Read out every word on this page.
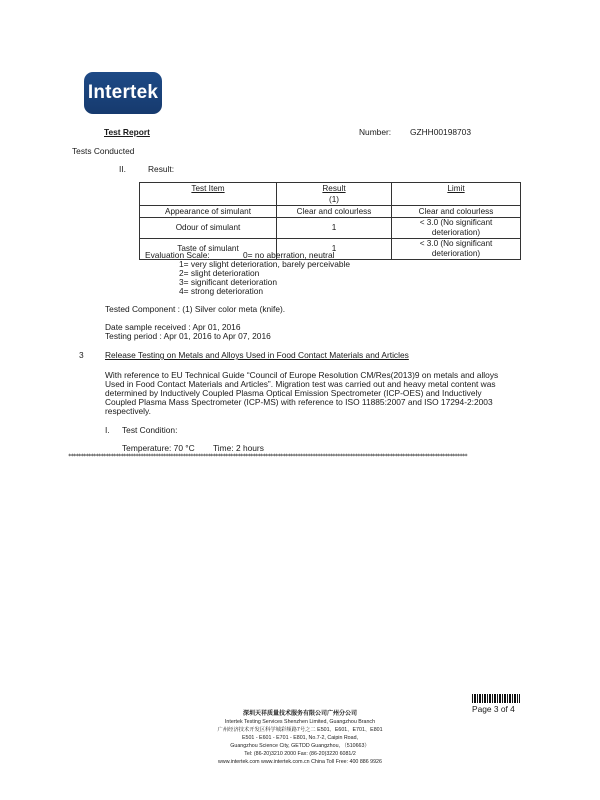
Intertek
Test Report	Number: GZHH00198703
Tests Conducted
II.	Result:
Test Item	Result	Limit
	(1)	
Appearance of simulant	Clear and colourless	Clear and colourless
Odour of simulant	1	< 3.0 (No significant deterioration)
Taste of simulant	1	< 3.0 (No significant deterioration)
Evaluation Scale:	0= no aberration, neutral
1= very slight deterioration, barely perceivable
2= slight deterioration
3= significant deterioration
4= strong deterioration
Tested Component : (1) Silver color meta (knife).
Date sample received : Apr 01, 2016
Testing period : Apr 01, 2016 to Apr 07, 2016
3	Release Testing on Metals and Alloys Used in Food Contact Materials and Articles
With reference to EU Technical Guide “Council of Europe Resolution CM/Res(2013)9 on metals and alloys
Used in Food Contact Materials and Articles”. Migration test was carried out and heavy metal content was
determined by Inductively Coupled Plasma Optical Emission Spectrometer (ICP-OES) and Inductively
Coupled Plasma Mass Spectrometer (ICP-MS) with reference to ISO 11885:2007 and ISO 17294-2:2003
respectively.
I. Test Condition:
Temperature: 70 °C Time: 2 hours
****************************************************************************************************************************************************************
Page 3 of 4
深圳天祥质量技术服务有限公司广州分公司
Intertek Testing Services Shenzhen Limited, Guangzhou Branch
广州经济技术开发区科学城彩频路7号之二 E501、E601、E701、E801
E501 - E601 - E701 - E801, No.7-2, Caipin Road,
Guangzhou Science City, GETDD Guangzhou, （510663）
Tel: (86-20)3210 2000 Fax: (86-20)3220 6081/2
www.intertek.com www.intertek.com.cn China Toll Free: 400 886 9926
